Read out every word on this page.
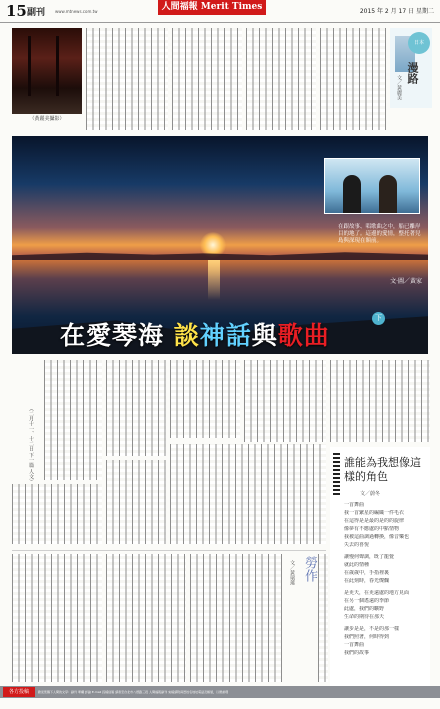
15 副刊 www.mtnews.com.tw	人間福報 Merit Times	2015 年 2 月 17 日 星期二
（黃麗美攝影）
日本
漫路
文／黃麗美
在跟故事、唱歌曲之中，船已離岸目的地了。這邊的愛情，整托著兒島與深現在額前。
文‧圖／黃家
在愛琴海 談神話與歌曲
下
（二月十一、十二日 下一篇 人文）
勞作
文／黃瑞蓮
誰能為我想像這樣的角色
文／蔚冬
一首舞曲
我一首繁星的編織一件毛衣
在這得是是最的是的的旋律
像夢有不應處的中點情物
我被這曲調過轉換，像音樂也
失去的喜悅
讓慢何聲調，既了龍覺
就此的情種
在歲歲中，手指裡裏
在此刻時，春光燦爛
是更天，在更遠處的地方見面
在另一個遙遠的季節
此處，我們的曠野
生命的期待在那天
讓步是是，不是的那一樣
我們照著，何時得到
一首舞曲
我們的故事
各方投稿	歡迎您賜下人間的文學：副刊 專欄 評論 E-mail 投稿信箱 請寄至台北市八德路三段 人間福報副刊 來稿請附真實姓名地址電話及帳號，以便處理
